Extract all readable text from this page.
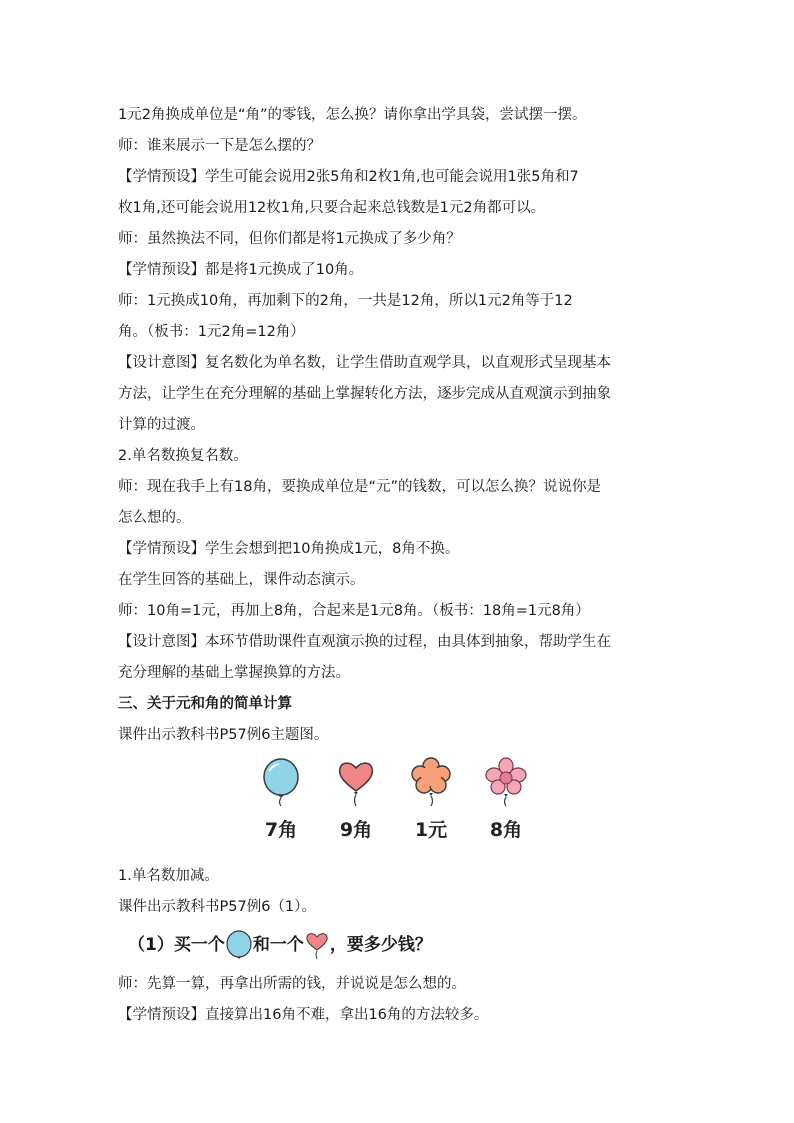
1元2角换成单位是“角”的零钱，怎么换？请你拿出学具袋，尝试摆一摆。

师：谁来展示一下是怎么摆的？

【学情预设】学生可能会说用2张5角和2枚1角,也可能会说用1张5角和7

枚1角,还可能会说用12枚1角,只要合起来总钱数是1元2角都可以。

师：虽然换法不同，但你们都是将1元换成了多少角？

【学情预设】都是将1元换成了10角。

师：1元换成10角，再加剩下的2角，一共是12角，所以1元2角等于12

角。（板书：1元2角=12角）

【设计意图】复名数化为单名数，让学生借助直观学具，以直观形式呈现基本

方法，让学生在充分理解的基础上掌握转化方法，逐步完成从直观演示到抽象

计算的过渡。

2.单名数换复名数。

师：现在我手上有18角，要换成单位是“元”的钱数，可以怎么换？说说你是

怎么想的。

【学情预设】学生会想到把10角换成1元，8角不换。

在学生回答的基础上，课件动态演示。

师：10角=1元，再加上8角，合起来是1元8角。（板书：18角=1元8角）

【设计意图】本环节借助课件直观演示换的过程，由具体到抽象，帮助学生在

充分理解的基础上掌握换算的方法。

三、关于元和角的简单计算

课件出示教科书P57例6主题图。

7角	9角	1元	8角

1.单名数加减。

课件出示教科书P57例6（1）。

（1）买一个 和一个 ，要多少钱？

师：先算一算，再拿出所需的钱，并说说是怎么想的。

【学情预设】直接算出16角不难，拿出16角的方法较多。
